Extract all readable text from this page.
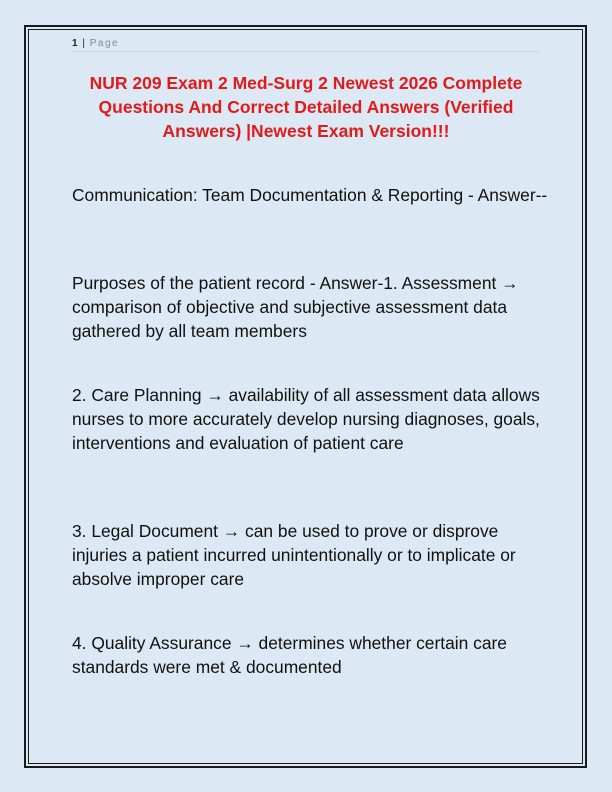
1 | Page
NUR 209 Exam 2 Med-Surg 2 Newest 2026 Complete Questions And Correct Detailed Answers (Verified Answers) |Newest Exam Version!!!

Communication: Team Documentation & Reporting - Answer--

Purposes of the patient record - Answer-1. Assessment → comparison of objective and subjective assessment data gathered by all team members

2. Care Planning → availability of all assessment data allows nurses to more accurately develop nursing diagnoses, goals, interventions and evaluation of patient care

3. Legal Document → can be used to prove or disprove injuries a patient incurred unintentionally or to implicate or absolve improper care

4. Quality Assurance → determines whether certain care standards were met & documented
